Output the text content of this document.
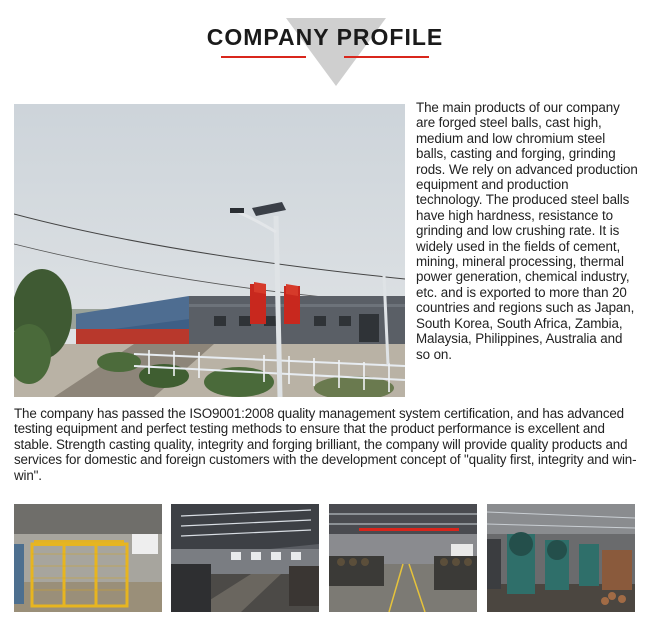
COMPANY PROFILE
The main products of our company are forged steel balls, cast high, medium and low chromium steel balls, casting and forging, grinding rods. We rely on advanced production equipment and production technology. The produced steel balls have high hardness, resistance to grinding and low crushing rate. It is widely used in the fields of cement, mining, mineral processing, thermal power generation, chemical industry, etc. and is exported to more than 20 countries and regions such as Japan, South Korea, South Africa, Zambia, Malaysia, Philippines, Australia and so on.
The company has passed the ISO9001:2008 quality management system certification, and has advanced testing equipment and perfect testing methods to ensure that the product performance is excellent and stable. Strength casting quality, integrity and forging brilliant, the company will provide quality products and services for domestic and foreign customers with the development concept of "quality first, integrity and win-win".
